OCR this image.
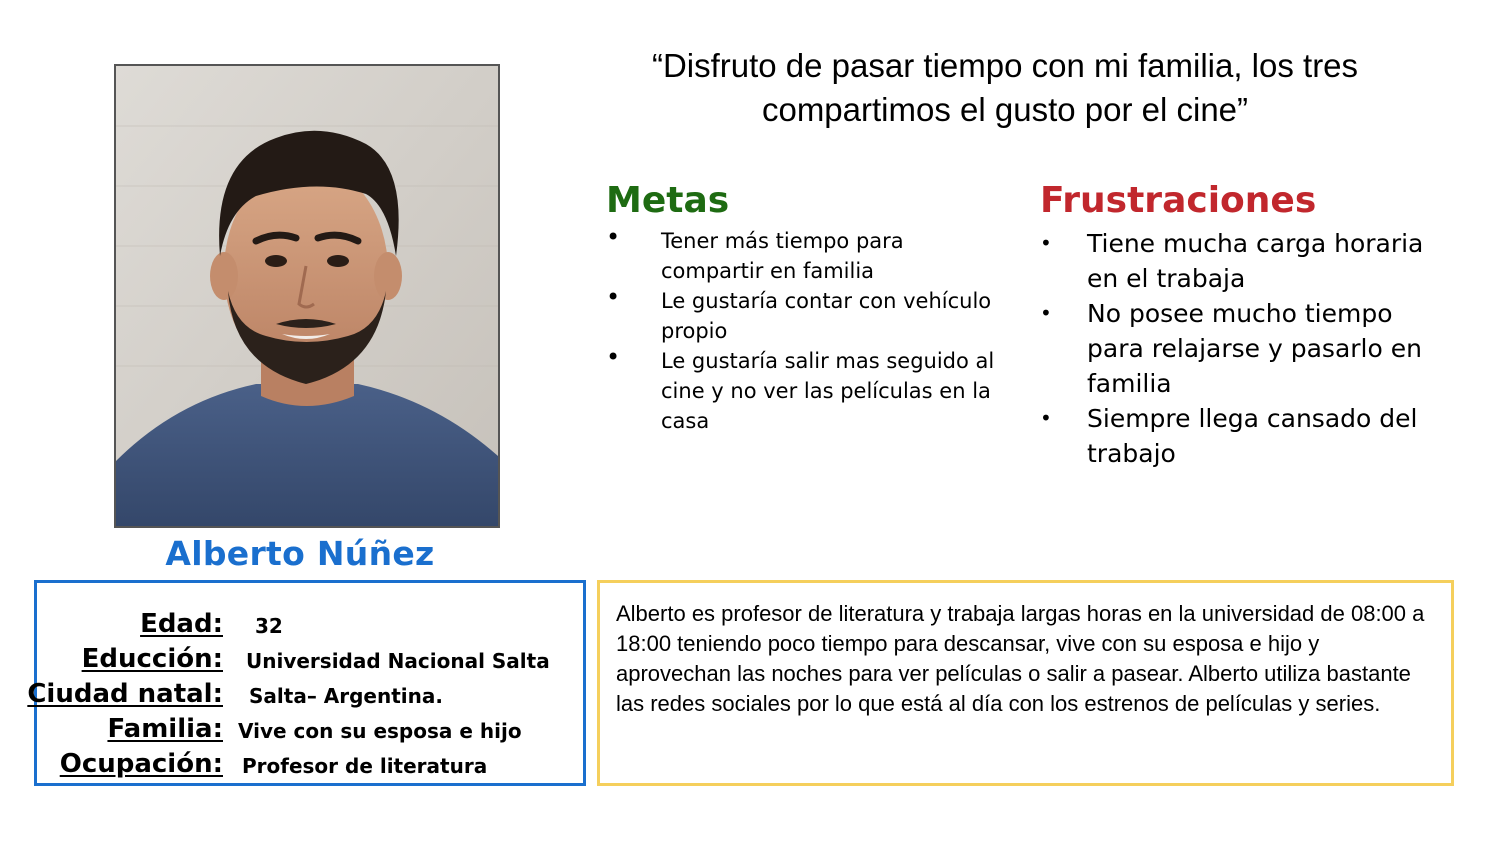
Alberto Núñez
“Disfruto de pasar tiempo con mi familia, los tres compartimos el gusto por el cine”
Metas
• Tener más tiempo para compartir en familia
• Le gustaría contar con vehículo propio
• Le gustaría salir mas seguido al cine y no ver las películas en la casa
Frustraciones
• Tiene mucha carga horaria en el trabaja
• No posee mucho tiempo para relajarse y pasarlo en familia
• Siempre llega cansado del trabajo
Edad: 32
Educción: Universidad Nacional Salta
Ciudad natal: Salta– Argentina.
Familia: Vive con su esposa e hijo
Ocupación: Profesor de literatura
Alberto es profesor de literatura y trabaja largas horas en la universidad de 08:00 a 18:00 teniendo poco tiempo para descansar, vive con su esposa e hijo y aprovechan las noches para ver películas o salir a pasear. Alberto utiliza bastante las redes sociales por lo que está al día con los estrenos de películas y series.
